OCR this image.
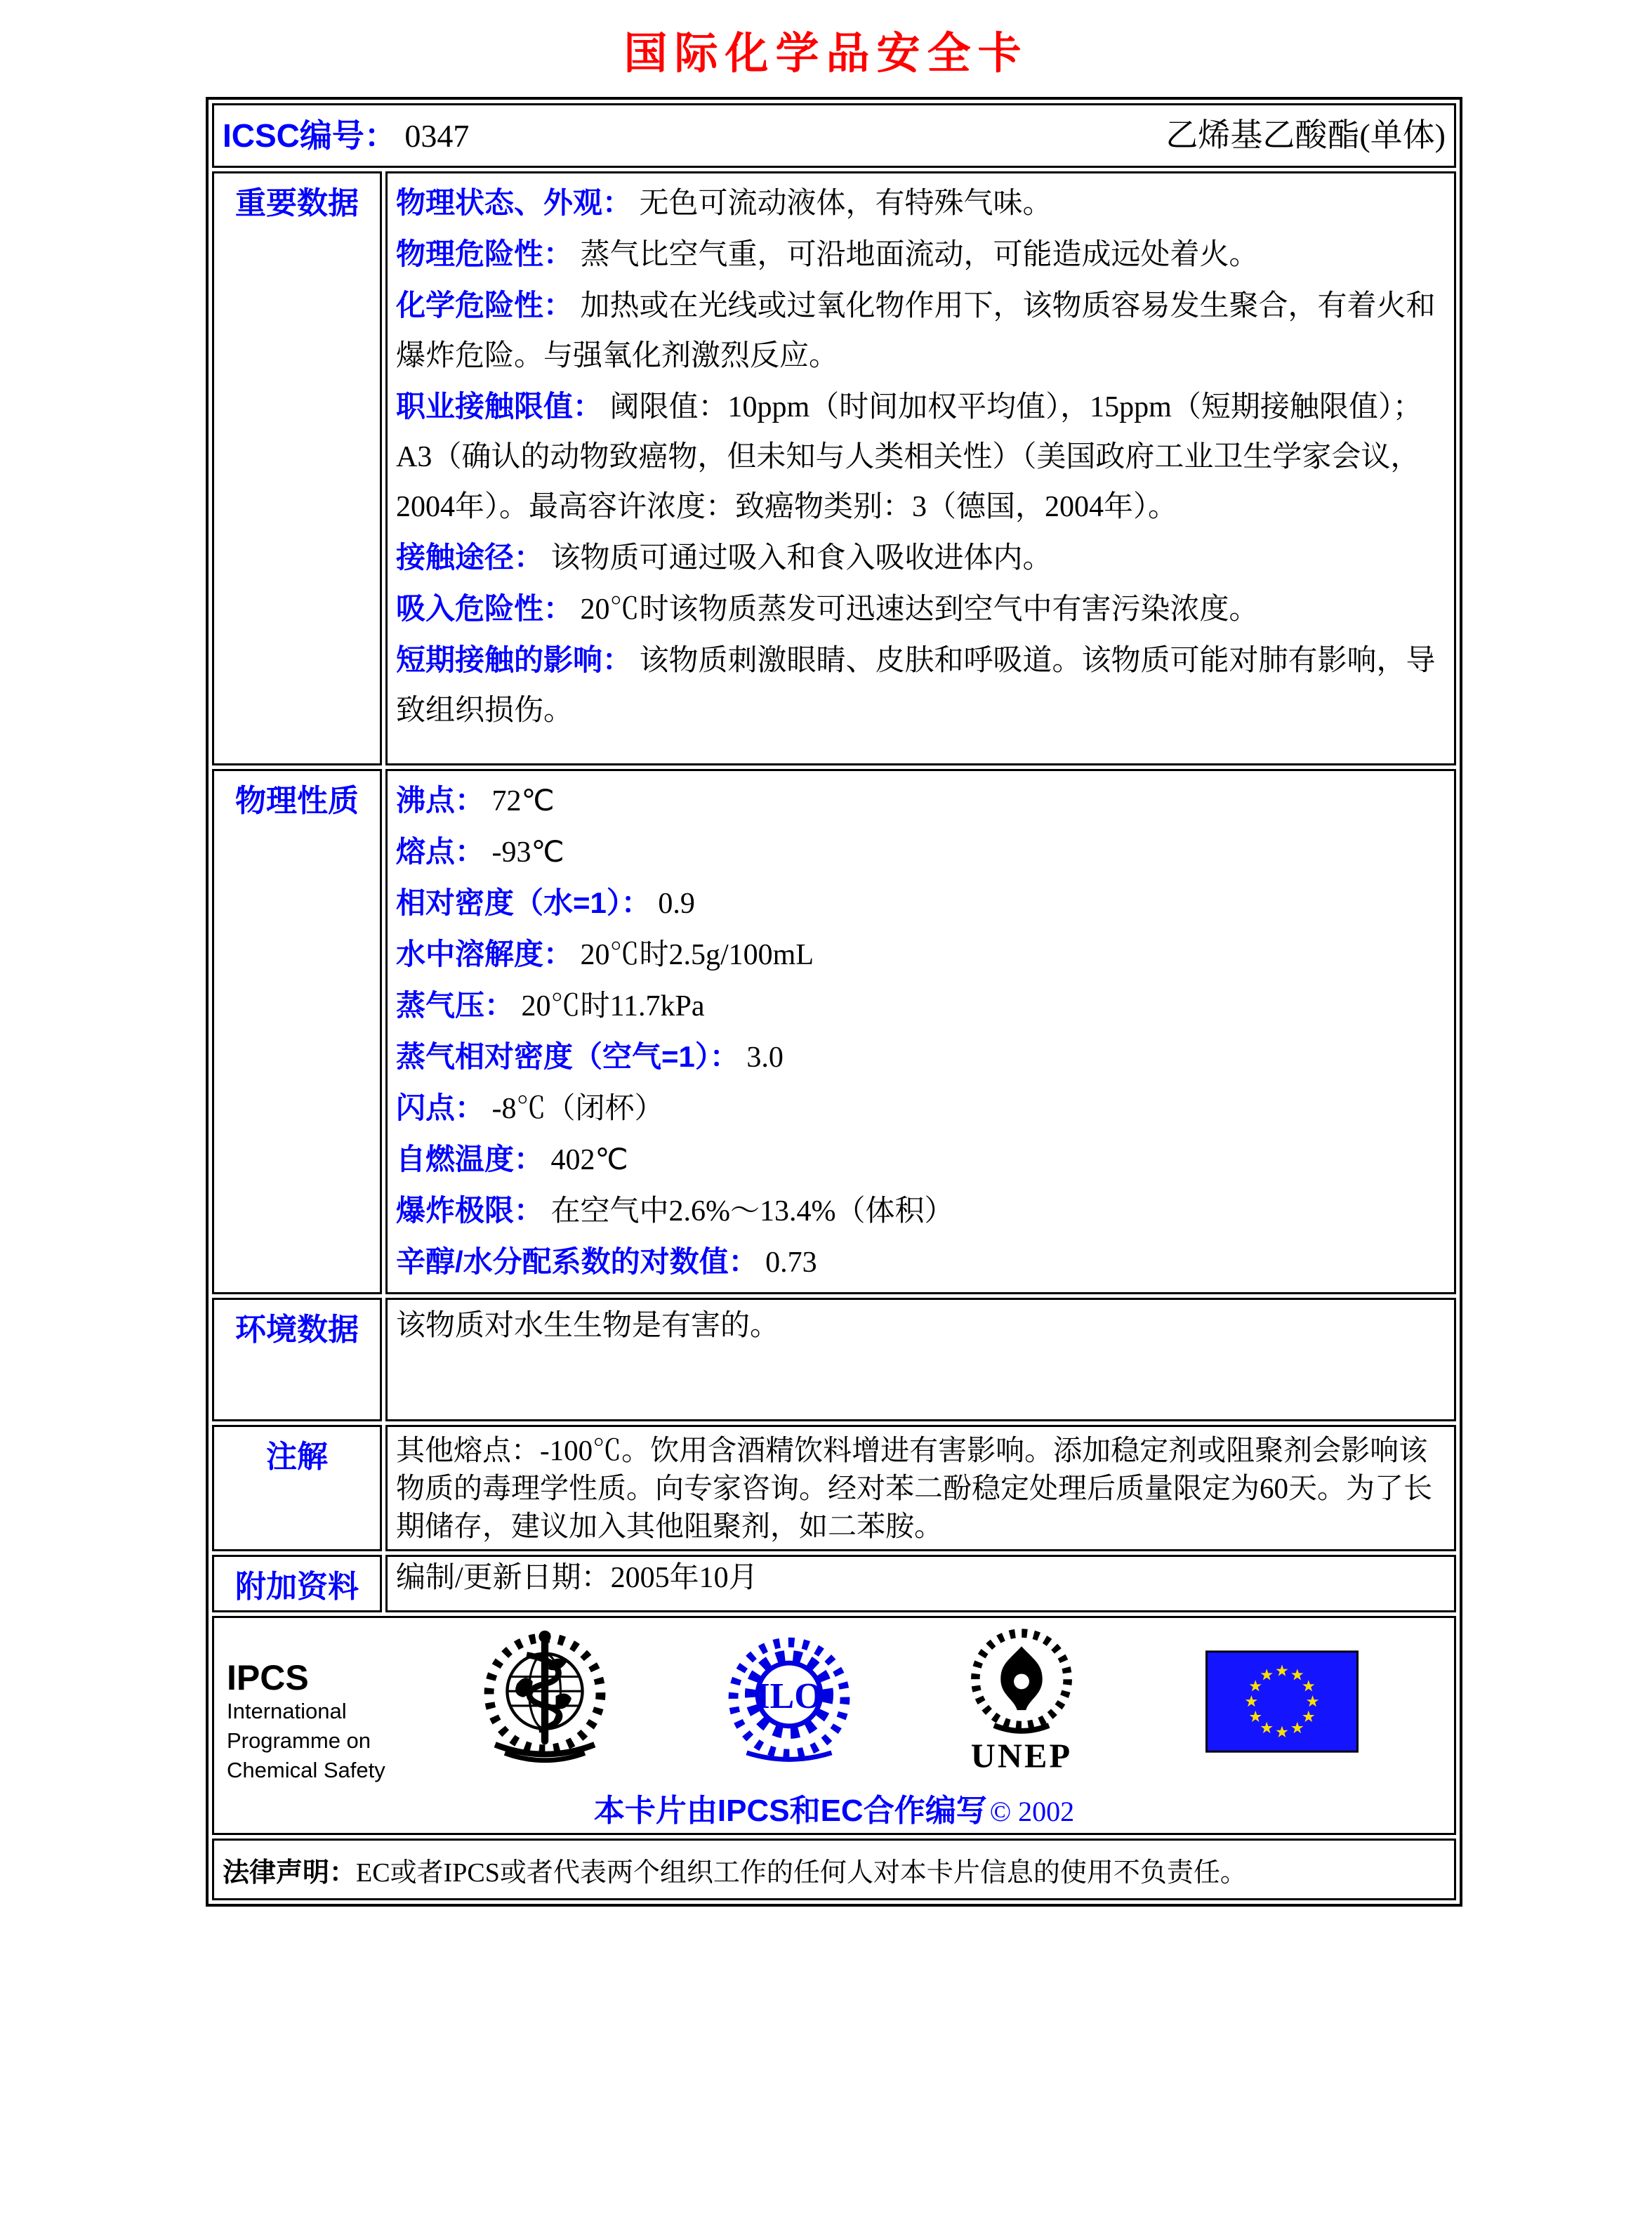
国际化学品安全卡
ICSC编号： 0347 乙烯基乙酸酯(单体)	

重要数据	物理状态、外观： 无色可流动液体，有特殊气味。

物理危险性： 蒸气比空气重，可沿地面流动，可能造成远处着火。

化学危险性： 加热或在光线或过氧化物作用下，该物质容易发生聚合，有着火和爆炸危险。与强氧化剂激烈反应。

职业接触限值： 阈限值：10ppm（时间加权平均值），15ppm（短期接触限值）；A3（确认的动物致癌物，但未知与人类相关性）（美国政府工业卫生学家会议，2004年）。最高容许浓度：致癌物类别：3（德国，2004年）。

接触途径： 该物质可通过吸入和食入吸收进体内。

吸入危险性： 20℃时该物质蒸发可迅速达到空气中有害污染浓度。

短期接触的影响： 该物质刺激眼睛、皮肤和呼吸道。该物质可能对肺有影响，导致组织损伤。

物理性质	沸点： 72℃

熔点： -93℃

相对密度（水=1）： 0.9

水中溶解度： 20℃时2.5g/100mL

蒸气压： 20℃时11.7kPa

蒸气相对密度（空气=1）： 3.0

闪点： -8℃（闭杯）

自燃温度： 402℃

爆炸极限： 在空气中2.6%～13.4%（体积）

辛醇/水分配系数的对数值： 0.73

环境数据	该物质对水生生物是有害的。
注解	其他熔点：-100℃。饮用含酒精饮料增进有害影响。添加稳定剂或阻聚剂会影响该物质的毒理学性质。向专家咨询。经对苯二酚稳定处理后质量限定为60天。为了长期储存，建议加入其他阻聚剂，如二苯胺。
附加资料	编制/更新日期：2005年10月

IPCS
International
Programme on
Chemical Safety
ILO
UNEP
本卡片由IPCS和EC合作编写 © 2002

法律声明：EC或者IPCS或者代表两个组织工作的任何人对本卡片信息的使用不负责任。	
